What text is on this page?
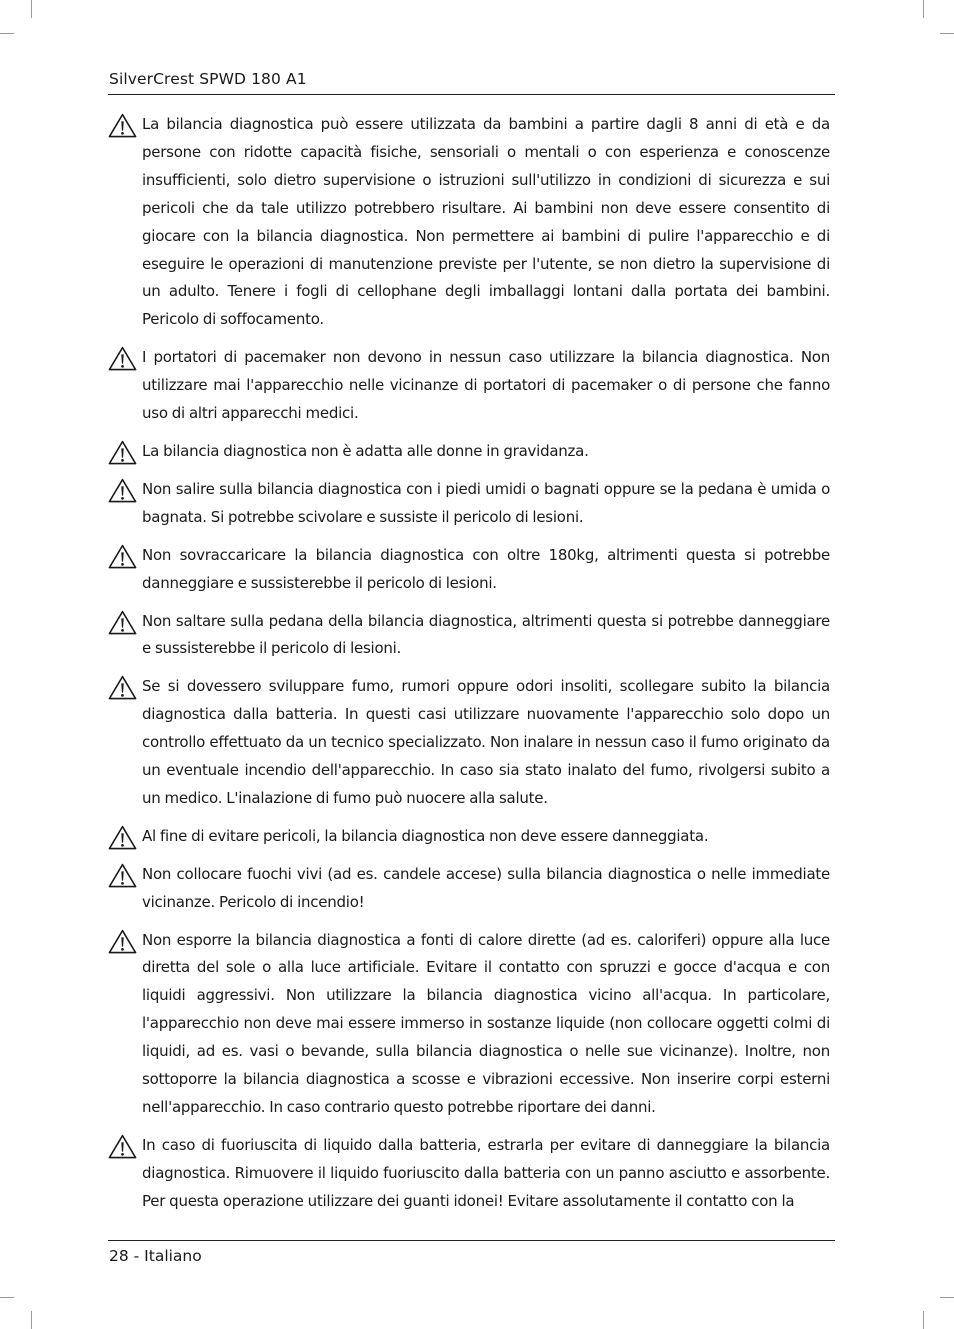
SilverCrest SPWD 180 A1

La bilancia diagnostica può essere utilizzata da bambini a partire dagli 8 anni di età e da persone con ridotte capacità fisiche, sensoriali o mentali o con esperienza e conoscenze insufficienti, solo dietro supervisione o istruzioni sull'utilizzo in condizioni di sicurezza e sui pericoli che da tale utilizzo potrebbero risultare. Ai bambini non deve essere consentito di giocare con la bilancia diagnostica. Non permettere ai bambini di pulire l'apparecchio e di eseguire le operazioni di manutenzione previste per l'utente, se non dietro la supervisione di un adulto. Tenere i fogli di cellophane degli imballaggi lontani dalla portata dei bambini. Pericolo di soffocamento.

I portatori di pacemaker non devono in nessun caso utilizzare la bilancia diagnostica. Non utilizzare mai l'apparecchio nelle vicinanze di portatori di pacemaker o di persone che fanno uso di altri apparecchi medici.

La bilancia diagnostica non è adatta alle donne in gravidanza.

Non salire sulla bilancia diagnostica con i piedi umidi o bagnati oppure se la pedana è umida o bagnata. Si potrebbe scivolare e sussiste il pericolo di lesioni.

Non sovraccaricare la bilancia diagnostica con oltre 180kg, altrimenti questa si potrebbe danneggiare e sussisterebbe il pericolo di lesioni.

Non saltare sulla pedana della bilancia diagnostica, altrimenti questa si potrebbe danneggiare e sussisterebbe il pericolo di lesioni.

Se si dovessero sviluppare fumo, rumori oppure odori insoliti, scollegare subito la bilancia diagnostica dalla batteria. In questi casi utilizzare nuovamente l'apparecchio solo dopo un controllo effettuato da un tecnico specializzato. Non inalare in nessun caso il fumo originato da un eventuale incendio dell'apparecchio. In caso sia stato inalato del fumo, rivolgersi subito a un medico. L'inalazione di fumo può nuocere alla salute.

Al fine di evitare pericoli, la bilancia diagnostica non deve essere danneggiata.

Non collocare fuochi vivi (ad es. candele accese) sulla bilancia diagnostica o nelle immediate vicinanze. Pericolo di incendio!

Non esporre la bilancia diagnostica a fonti di calore dirette (ad es. caloriferi) oppure alla luce diretta del sole o alla luce artificiale. Evitare il contatto con spruzzi e gocce d'acqua e con liquidi aggressivi. Non utilizzare la bilancia diagnostica vicino all'acqua. In particolare, l'apparecchio non deve mai essere immerso in sostanze liquide (non collocare oggetti colmi di liquidi, ad es. vasi o bevande, sulla bilancia diagnostica o nelle sue vicinanze). Inoltre, non sottoporre la bilancia diagnostica a scosse e vibrazioni eccessive. Non inserire corpi esterni nell'apparecchio. In caso contrario questo potrebbe riportare dei danni.

In caso di fuoriuscita di liquido dalla batteria, estrarla per evitare di danneggiare la bilancia diagnostica. Rimuovere il liquido fuoriuscito dalla batteria con un panno asciutto e assorbente. Per questa operazione utilizzare dei guanti idonei! Evitare assolutamente il contatto con la

28 - Italiano
